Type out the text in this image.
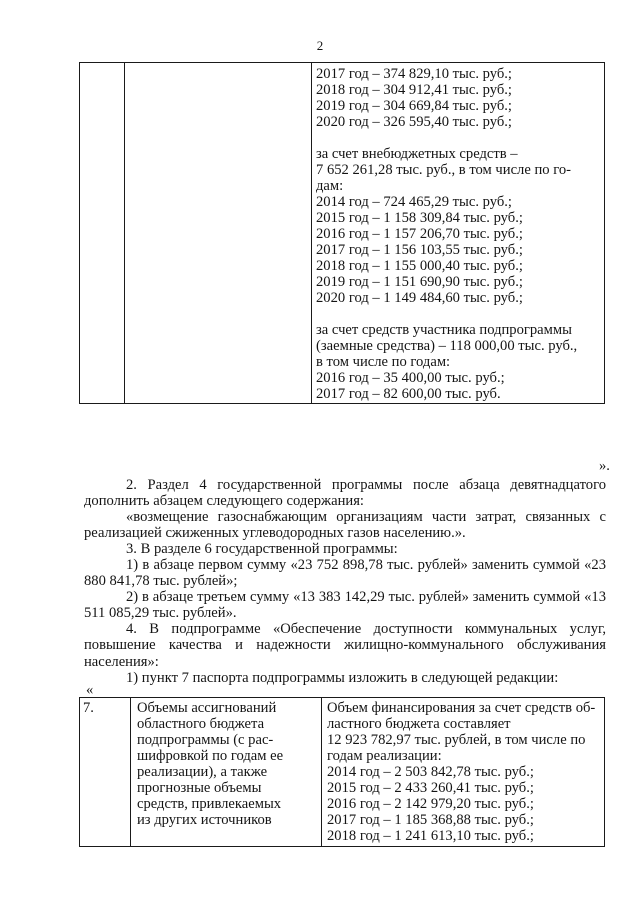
2

2017 год – 374 829,10 тыс. руб.;
2018 год – 304 912,41 тыс. руб.;
2019 год – 304 669,84 тыс. руб.;
2020 год – 326 595,40 тыс. руб.;
за счет внебюджетных средств –
7 652 261,28 тыс. руб., в том числе по го-
дам:
2014 год – 724 465,29 тыс. руб.;
2015 год – 1 158 309,84 тыс. руб.;
2016 год – 1 157 206,70 тыс. руб.;
2017 год – 1 156 103,55 тыс. руб.;
2018 год – 1 155 000,40 тыс. руб.;
2019 год – 1 151 690,90 тыс. руб.;
2020 год – 1 149 484,60 тыс. руб.;
за счет средств участника подпрограммы
(заемные средства) – 118 000,00 тыс. руб.,
в том числе по годам:
2016 год – 35 400,00 тыс. руб.;
2017 год – 82 600,00 тыс. руб.
».
2. Раздел 4 государственной программы после абзаца девятнадцатого дополнить абзацем следующего содержания:
«возмещение газоснабжающим организациям части затрат, связанных с реализацией сжиженных углеводородных газов населению.».
3. В разделе 6 государственной программы:
1) в абзаце первом сумму «23 752 898,78 тыс. рублей» заменить суммой «23 880 841,78 тыс. рублей»;
2) в абзаце третьем сумму «13 383 142,29 тыс. рублей» заменить суммой «13 511 085,29 тыс. рублей».
4. В подпрограмме «Обеспечение доступности коммунальных услуг, повышение качества и надежности жилищно-коммунального обслуживания населения»:
1) пункт 7 паспорта подпрограммы изложить в следующей редакции:
«
7.	Объемы ассигнований
областного бюджета
подпрограммы (с рас-
шифровкой по годам ее
реализации), а также
прогнозные объемы
средств, привлекаемых
из других источников

Объем финансирования за счет средств об-
ластного бюджета составляет
12 923 782,97 тыс. рублей, в том числе по
годам реализации:
2014 год – 2 503 842,78 тыс. руб.;
2015 год – 2 433 260,41 тыс. руб.;
2016 год – 2 142 979,20 тыс. руб.;
2017 год – 1 185 368,88 тыс. руб.;
2018 год – 1 241 613,10 тыс. руб.;
